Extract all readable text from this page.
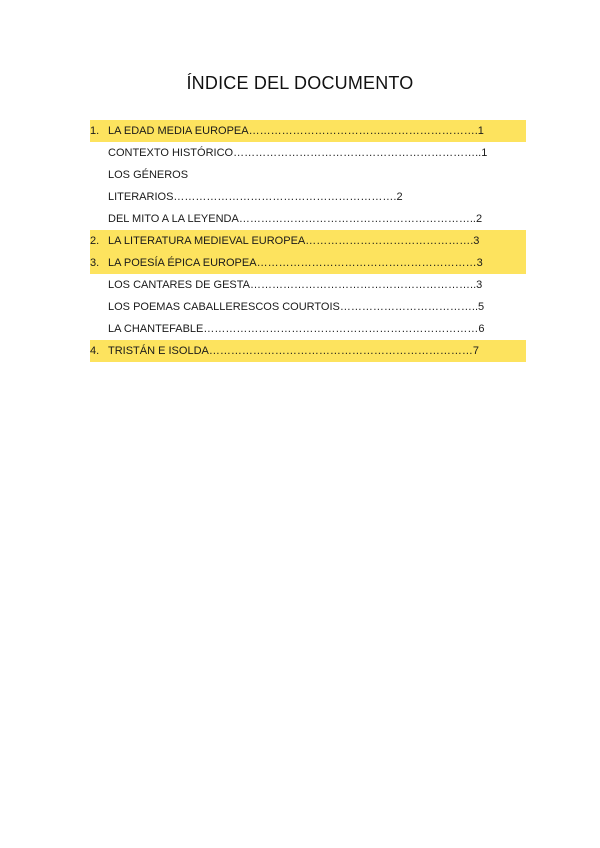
ÍNDICE DEL DOCUMENTO
1. LA EDAD MEDIA EUROPEA………………………………..…………………….1
CONTEXTO HISTÓRICO…………………………………………………………..1
LOS GÉNEROS
LITERARIOS…………………………………………………….2
DEL MITO A LA LEYENDA………………………………………………………..2
2. LA LITERATURA MEDIEVAL EUROPEA……………………………………….3
3. LA POESÍA ÉPICA EUROPEA……………………………………………………3
LOS CANTARES DE GESTA……………………………………………………..3
LOS POEMAS CABALLERESCOS COURTOIS………………………………..5
LA CHANTEFABLE…………………………………………………………………6
4. TRISTÁN E ISOLDA………………………………………………………………7
